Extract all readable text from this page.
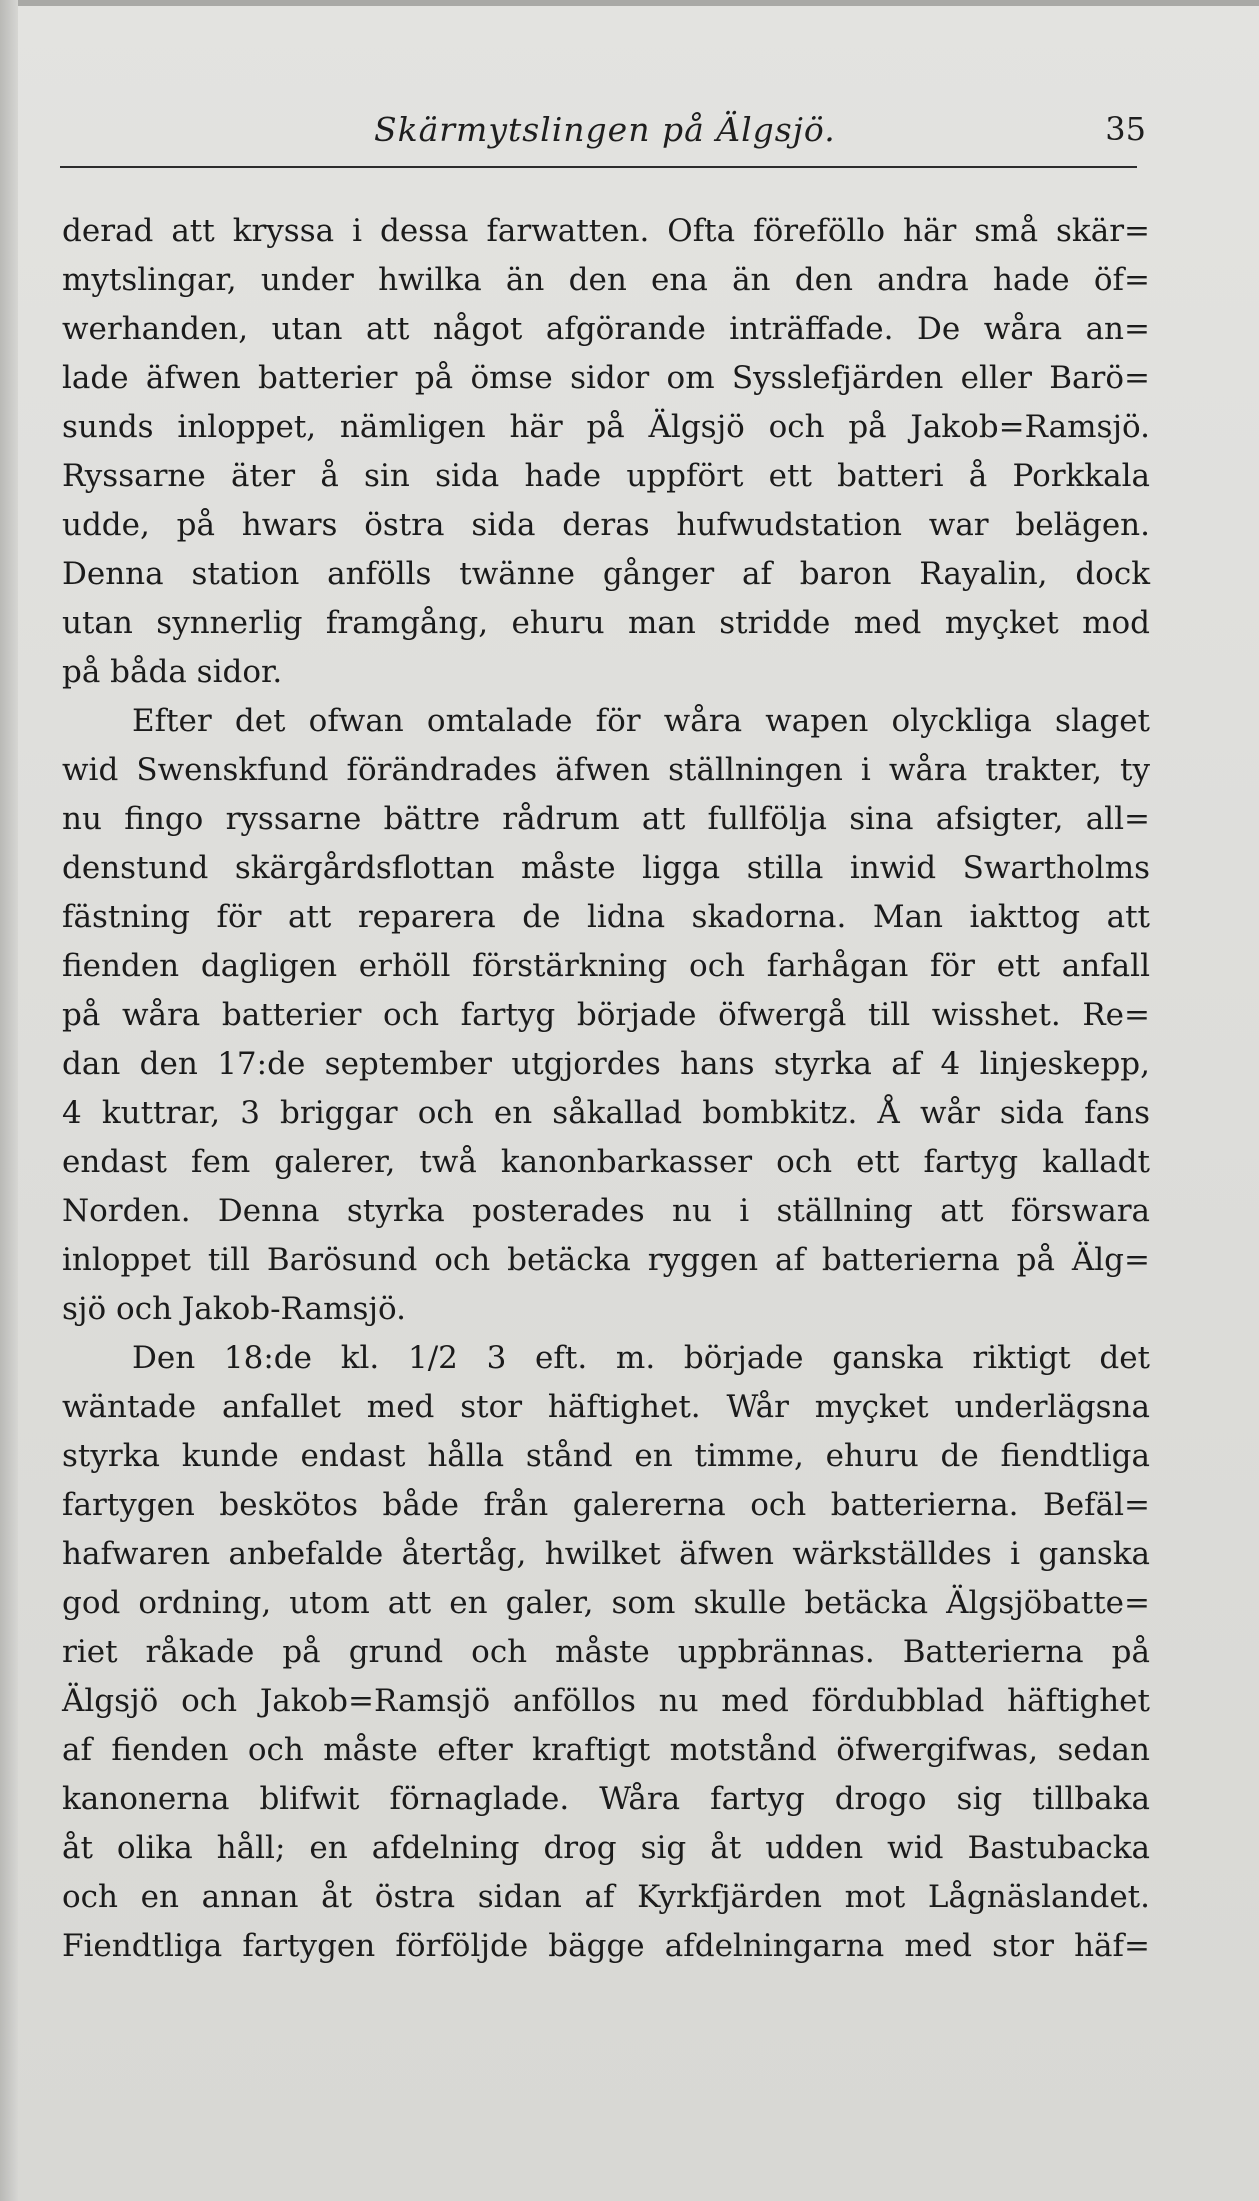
Skärmytslingen på Älgsjö.	35
derad att kryssa i dessa farwatten. Ofta föreföllo här små skär=
mytslingar, under hwilka än den ena än den andra hade öf=
werhanden, utan att något afgörande inträffade. De wåra an=
lade äfwen batterier på ömse sidor om Sysslefjärden eller Barö=
sunds inloppet, nämligen här på Älgsjö och på Jakob=Ramsjö.
Ryssarne äter å sin sida hade uppfört ett batteri å Porkkala
udde, på hwars östra sida deras hufwudstation war belägen.
Denna station anfölls twänne gånger af baron Rayalin, dock
utan synnerlig framgång, ehuru man stridde med myçket mod
på båda sidor.
Efter det ofwan omtalade för wåra wapen olyckliga slaget
wid Swenskfund förändrades äfwen ställningen i wåra trakter, ty
nu fingo ryssarne bättre rådrum att fullfölja sina afsigter, all=
denstund skärgårdsflottan måste ligga stilla inwid Swartholms
fästning för att reparera de lidna skadorna. Man iakttog att
fienden dagligen erhöll förstärkning och farhågan för ett anfall
på wåra batterier och fartyg började öfwergå till wisshet. Re=
dan den 17:de september utgjordes hans styrka af 4 linjeskepp,
4 kuttrar, 3 briggar och en såkallad bombkitz. Å wår sida fans
endast fem galerer, twå kanonbarkasser och ett fartyg kalladt
Norden. Denna styrka posterades nu i ställning att förswara
inloppet till Barösund och betäcka ryggen af batterierna på Älg=
sjö och Jakob-Ramsjö.
Den 18:de kl. 1/2 3 eft. m. började ganska riktigt det
wäntade anfallet med stor häftighet. Wår myçket underlägsna
styrka kunde endast hålla stånd en timme, ehuru de fiendtliga
fartygen beskötos både från galererna och batterierna. Befäl=
hafwaren anbefalde återtåg, hwilket äfwen wärkställdes i ganska
god ordning, utom att en galer, som skulle betäcka Älgsjöbatte=
riet råkade på grund och måste uppbrännas. Batterierna på
Älgsjö och Jakob=Ramsjö anföllos nu med fördubblad häftighet
af fienden och måste efter kraftigt motstånd öfwergifwas, sedan
kanonerna blifwit förnaglade. Wåra fartyg drogo sig tillbaka
åt olika håll; en afdelning drog sig åt udden wid Bastubacka
och en annan åt östra sidan af Kyrkfjärden mot Lågnäslandet.
Fiendtliga fartygen förföljde bägge afdelningarna med stor häf=
